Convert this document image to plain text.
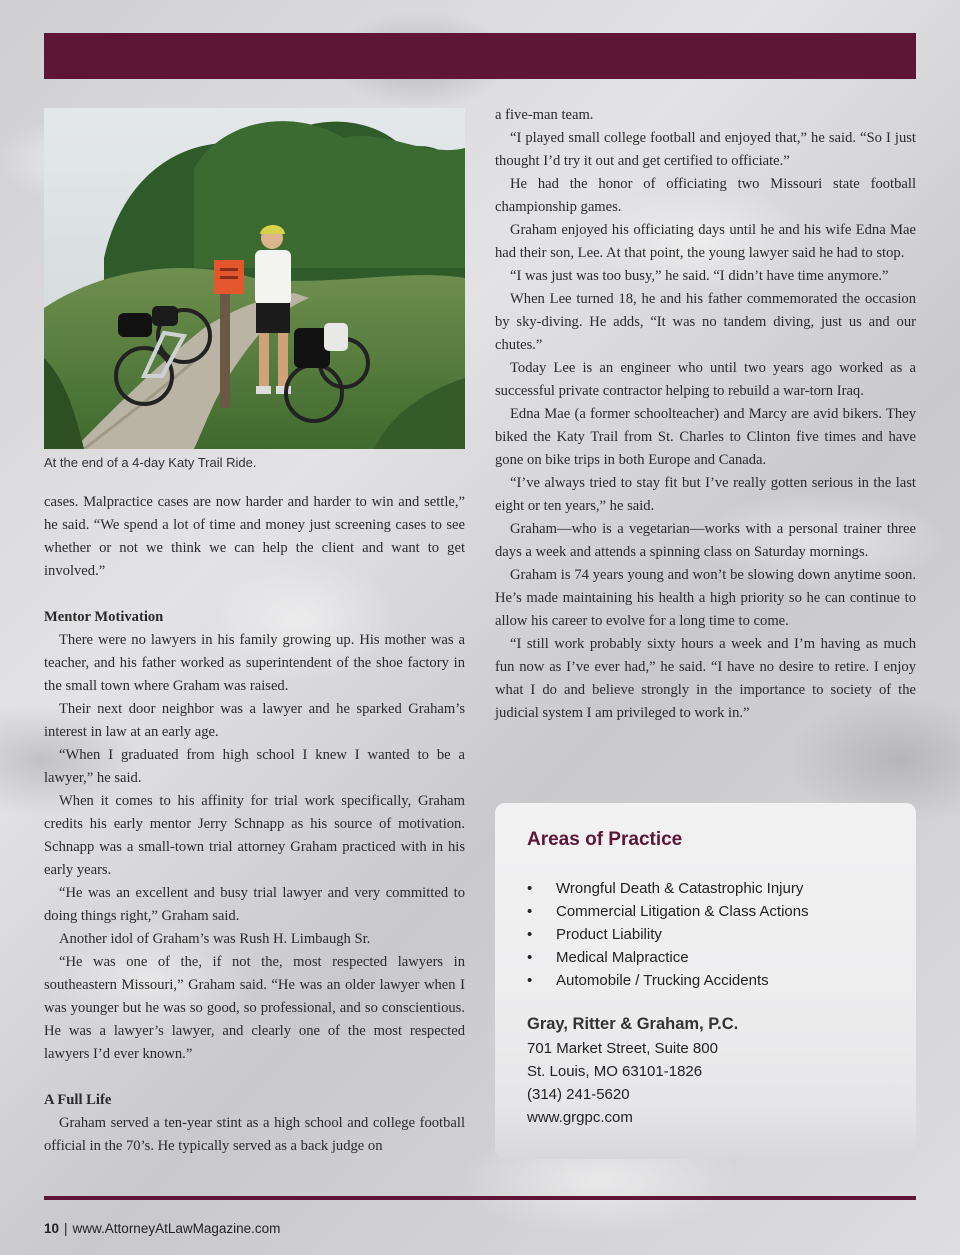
At the end of a 4-day Katy Trail Ride.

cases. Malpractice cases are now harder and harder to win and settle,” he said. “We spend a lot of time and money just screening cases to see whether or not we think we can help the client and want to get involved.”

Mentor Motivation

There were no lawyers in his family growing up. His mother was a teacher, and his father worked as superintendent of the shoe factory in the small town where Graham was raised.

Their next door neighbor was a lawyer and he sparked Graham’s interest in law at an early age.

“When I graduated from high school I knew I wanted to be a lawyer,” he said.

When it comes to his affinity for trial work specifically, Graham credits his early mentor Jerry Schnapp as his source of motivation. Schnapp was a small-town trial attorney Graham practiced with in his early years.

“He was an excellent and busy trial lawyer and very committed to doing things right,” Graham said.

Another idol of Graham’s was Rush H. Limbaugh Sr.

“He was one of the, if not the, most respected lawyers in southeastern Missouri,” Graham said. “He was an older lawyer when I was younger but he was so good, so professional, and so conscientious. He was a lawyer’s lawyer, and clearly one of the most respected lawyers I’d ever known.”

A Full Life

Graham served a ten-year stint as a high school and college football official in the 70’s. He typically served as a back judge on

a five-man team.

“I played small college football and enjoyed that,” he said. “So I just thought I’d try it out and get certified to officiate.”

He had the honor of officiating two Missouri state football championship games.

Graham enjoyed his officiating days until he and his wife Edna Mae had their son, Lee. At that point, the young lawyer said he had to stop.

“I was just was too busy,” he said. “I didn’t have time anymore.”

When Lee turned 18, he and his father commemorated the occasion by sky-diving. He adds, “It was no tandem diving, just us and our chutes.”

Today Lee is an engineer who until two years ago worked as a successful private contractor helping to rebuild a war-torn Iraq.

Edna Mae (a former schoolteacher) and Marcy are avid bikers. They biked the Katy Trail from St. Charles to Clinton five times and have gone on bike trips in both Europe and Canada.

“I’ve always tried to stay fit but I’ve really gotten serious in the last eight or ten years,” he said.

Graham—who is a vegetarian—works with a personal trainer three days a week and attends a spinning class on Saturday mornings.

Graham is 74 years young and won’t be slowing down anytime soon. He’s made maintaining his health a high priority so he can continue to allow his career to evolve for a long time to come.

“I still work probably sixty hours a week and I’m having as much fun now as I’ve ever had,” he said. “I have no desire to retire. I enjoy what I do and believe strongly in the importance to society of the judicial system I am privileged to work in.”

Areas of Practice
•	Wrongful Death & Catastrophic Injury
•	Commercial Litigation & Class Actions
•	Product Liability
•	Medical Malpractice
•	Automobile / Trucking Accidents
Gray, Ritter & Graham, P.C.
701 Market Street, Suite 800
St. Louis, MO 63101-1826
(314) 241-5620
www.grgpc.com
10 | www.AttorneyAtLawMagazine.com
